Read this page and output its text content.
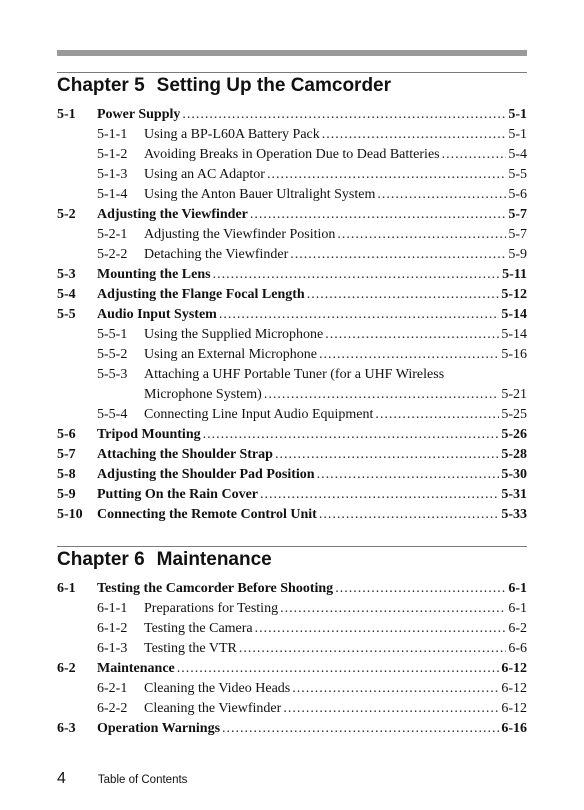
Chapter 5 Setting Up the Camcorder
5-1	Power Supply .....	5-1
5-1-1	Using a BP-L60A Battery Pack .....	5-1
5-1-2	Avoiding Breaks in Operation Due to Dead Batteries .....	5-4
5-1-3	Using an AC Adaptor .....	5-5
5-1-4	Using the Anton Bauer Ultralight System .....	5-6
5-2	Adjusting the Viewfinder .....	5-7
5-2-1	Adjusting the Viewfinder Position .....	5-7
5-2-2	Detaching the Viewfinder .....	5-9
5-3	Mounting the Lens .....	5-11
5-4	Adjusting the Flange Focal Length .....	5-12
5-5	Audio Input System .....	5-14
5-5-1	Using the Supplied Microphone .....	5-14
5-5-2	Using an External Microphone .....	5-16
5-5-3	Attaching a UHF Portable Tuner (for a UHF Wireless
Microphone System) .....	5-21
5-5-4	Connecting Line Input Audio Equipment .....	5-25
5-6	Tripod Mounting .....	5-26
5-7	Attaching the Shoulder Strap .....	5-28
5-8	Adjusting the Shoulder Pad Position .....	5-30
5-9	Putting On the Rain Cover .....	5-31
5-10	Connecting the Remote Control Unit .....	5-33
Chapter 6 Maintenance
6-1	Testing the Camcorder Before Shooting .....	6-1
6-1-1	Preparations for Testing .....	6-1
6-1-2	Testing the Camera .....	6-2
6-1-3	Testing the VTR .....	6-6
6-2	Maintenance .....	6-12
6-2-1	Cleaning the Video Heads .....	6-12
6-2-2	Cleaning the Viewfinder .....	6-12
6-3	Operation Warnings .....	6-16
4	Table of Contents
